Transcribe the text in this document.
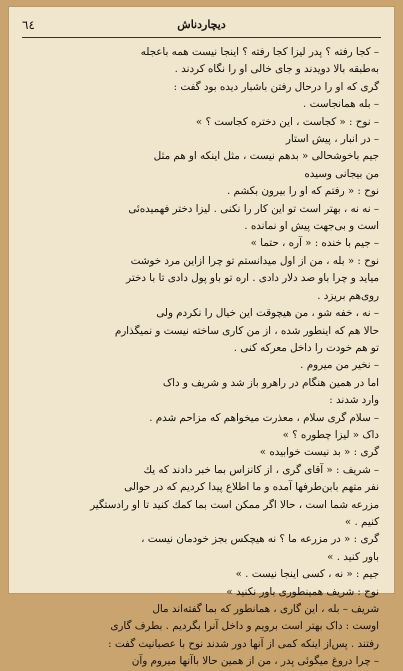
دیچاردناش
٦٤
– کجا رفته ؟ پدر لیزا کجا رفته ؟ اینجا نیست همه باعجله
به‌طبقه بالا دویدند و جای خالی او را نگاه کردند .
گری که او را درحال رفتن باشبار دیده بود گفت :
– بله همانجاست .
– نوح : « کجاست ، این دختره کجاست ؟ »
– در انبار ، پیش استار
جیم باخوشحالی « بدهم نیست ، مثل اینکه او هم مثل
من بیجانی وسیده
نوح : « رفتم که او را بیرون بکشم .
– نه نه ، بهتر است تو این کار را نکنی . لیزا دختر فهمیده‌ئی
است و بی‌جهت پیش او نمانده .
– جیم با خنده : « آره ، حتما »
نوح : « بله ، من از اول میدانستم تو چرا ازاین مرد خوشت
میاید و چرا باو صد دلار دادی . اره تو باو پول دادی تا با دختر
روی‌هم بریزد .
– نه ، خفه شو ، من هیچوقت این خیال را نکردم ولی
حالا هم که اینطور شده ، از من کاری ساخته نیست و نمیگذارم
تو هم خودت را داخل معرکه کنی .
– نخیر من میروم .
اما در همین هنگام در راهرو باز شد و شریف و داک
وارد شدند :
– سلام گری سلام ، معذرت میخواهم که مزاحم شدم .
داک « لیزا چطوره ؟ »
گری : « بد نیست خوابیده »
– شریف : « آقای گری ، از کانزاس بما خبر دادند که یك
نفر متهم بابن‌طرفها آمده و ما اطلاع پیدا کردیم که در حوالی
مزرعه شما است ، حالا اگر ممکن است بما کمك کنید تا او رادستگیر
کنیم . »
گری : « در مزرعه ما ؟ نه هیچکس بجز خودمان نیست ،
باور کنید . »
جیم : « نه ، کسی اینجا نیست . »
نوح : شریف همینطوری باور نکنید »
شریف – بله ، این گاری ، همانطور که بما گفته‌اند مال
اوست : داک بهتر است برویم و داخل آنرا بگردیم . بطرف گاری
رفتند . پس‌از اینکه کمی از آنها دور شدند نوح با عصبانیت گفت :
– چرا دروغ میگوئی پدر ، من از همین حالا باآنها میروم وآن
